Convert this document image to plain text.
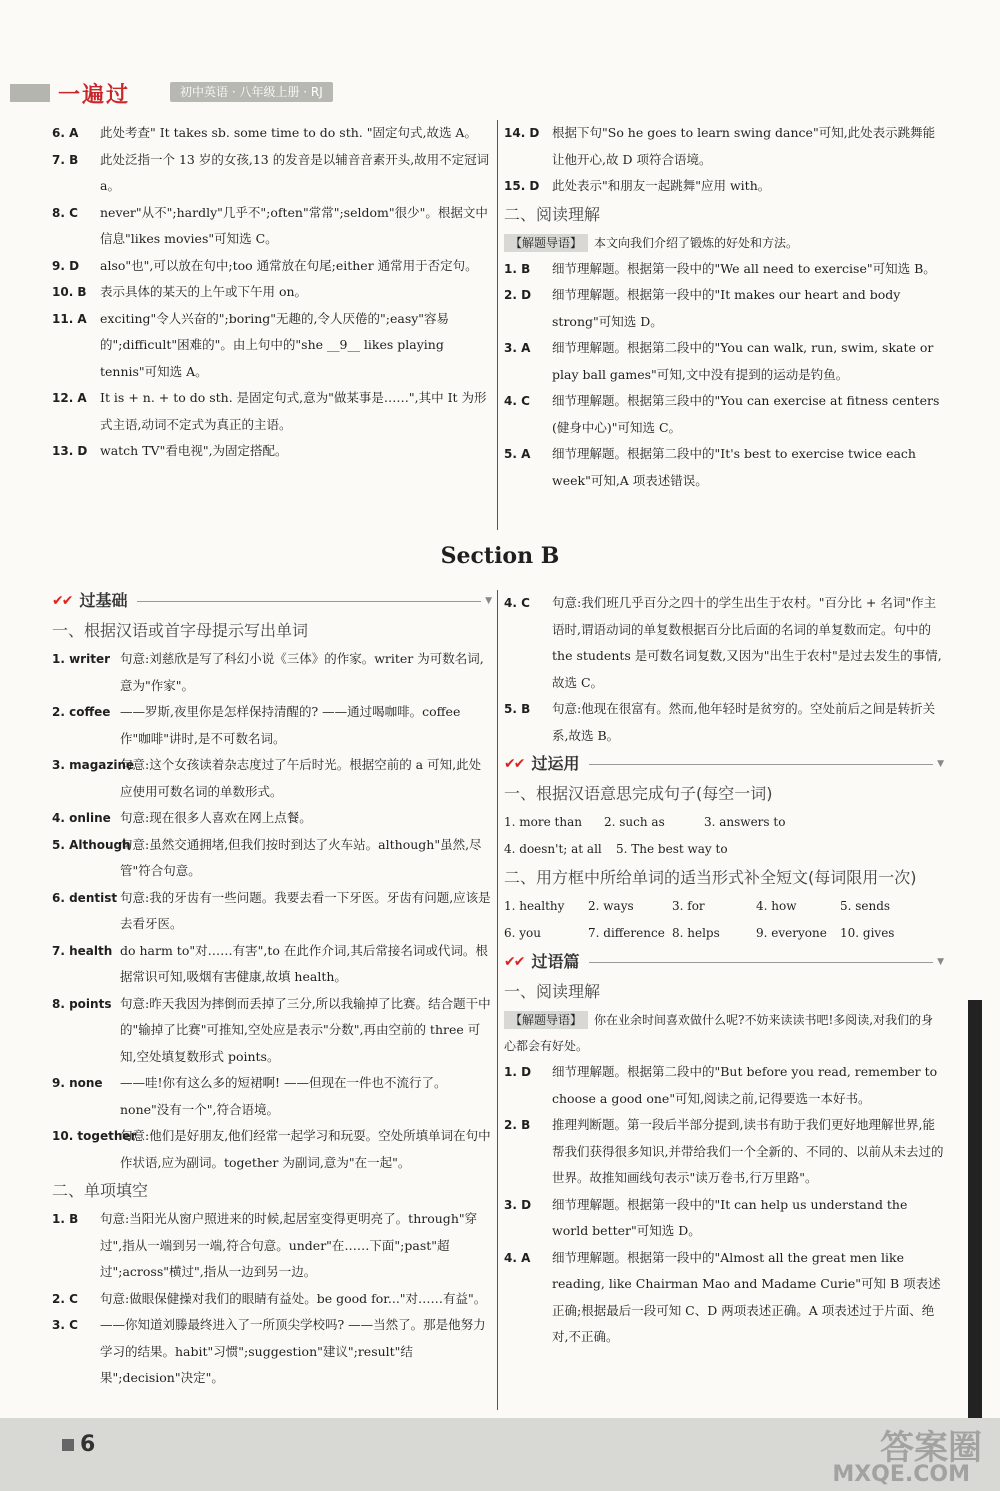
一遍过	初中英语 · 八年级上册 · RJ
6. A 此处考查" It takes sb. some time to do sth. "固定句式,故选 A。
7. B 此处泛指一个 13 岁的女孩,13 的发音是以辅音音素开头,故用不定冠词 a。
8. C never"从不";hardly"几乎不";often"常常";seldom"很少"。根据文中信息"likes movies"可知选 C。
9. D also"也",可以放在句中;too 通常放在句尾;either 通常用于否定句。
10. B 表示具体的某天的上午或下午用 on。
11. A exciting"令人兴奋的";boring"无趣的,令人厌倦的";easy"容易的";difficult"困难的"。由上句中的"she __9__ likes playing tennis"可知选 A。
12. A It is + n. + to do sth. 是固定句式,意为"做某事是……",其中 It 为形式主语,动词不定式为真正的主语。
13. D watch TV"看电视",为固定搭配。
14. D 根据下句"So he goes to learn swing dance"可知,此处表示跳舞能让他开心,故 D 项符合语境。
15. D 此处表示"和朋友一起跳舞"应用 with。
二、阅读理解
【解题导语】 本文向我们介绍了锻炼的好处和方法。
1. B 细节理解题。根据第一段中的"We all need to exercise"可知选 B。
2. D 细节理解题。根据第一段中的"It makes our heart and body strong"可知选 D。
3. A 细节理解题。根据第二段中的"You can walk, run, swim, skate or play ball games"可知,文中没有提到的运动是钓鱼。
4. C 细节理解题。根据第三段中的"You can exercise at fitness centers (健身中心)"可知选 C。
5. A 细节理解题。根据第二段中的"It's best to exercise twice each week"可知,A 项表述错误。
Section B
✔✔ 过基础	▼
一、根据汉语或首字母提示写出单词
1. writer 句意:刘慈欣是写了科幻小说《三体》的作家。writer 为可数名词,意为"作家"。
2. coffee ——罗斯,夜里你是怎样保持清醒的? ——通过喝咖啡。coffee 作"咖啡"讲时,是不可数名词。
3. magazine
句意:这个女孩读着杂志度过了午后时光。根据空前的 a 可知,此处应使用可数名词的单数形式。
4. online 句意:现在很多人喜欢在网上点餐。
5. Although
句意:虽然交通拥堵,但我们按时到达了火车站。although"虽然,尽管"符合句意。
6. dentist 句意:我的牙齿有一些问题。我要去看一下牙医。牙齿有问题,应该是去看牙医。
7. health do harm to"对……有害",to 在此作介词,其后常接名词或代词。根据常识可知,吸烟有害健康,故填 health。
8. points 句意:昨天我因为摔倒而丢掉了三分,所以我输掉了比赛。结合题干中的"输掉了比赛"可推知,空处应是表示"分数",再由空前的 three 可知,空处填复数形式 points。
9. none ——哇!你有这么多的短裙啊! ——但现在一件也不流行了。none"没有一个",符合语境。
10. together
句意:他们是好朋友,他们经常一起学习和玩耍。空处所填单词在句中作状语,应为副词。together 为副词,意为"在一起"。
二、单项填空
1. B 句意:当阳光从窗户照进来的时候,起居室变得更明亮了。through"穿过",指从一端到另一端,符合句意。under"在……下面";past"超过";across"横过",指从一边到另一边。
2. C 句意:做眼保健操对我们的眼睛有益处。be good for..."对……有益"。
3. C ——你知道刘滕最终进入了一所顶尖学校吗? ——当然了。那是他努力学习的结果。habit"习惯";suggestion"建议";result"结果";decision"决定"。
4. C 句意:我们班几乎百分之四十的学生出生于农村。"百分比 + 名词"作主语时,谓语动词的单复数根据百分比后面的名词的单复数而定。句中的 the students 是可数名词复数,又因为"出生于农村"是过去发生的事情,故选 C。
5. B 句意:他现在很富有。然而,他年轻时是贫穷的。空处前后之间是转折关系,故选 B。
✔✔ 过运用	▼
一、根据汉语意思完成句子(每空一词)
1. more than	2. such as	3. answers to
4. doesn't; at all	5. The best way to
二、用方框中所给单词的适当形式补全短文(每词限用一次)
1. healthy	2. ways	3. for	4. how	5. sends
6. you	7. difference 8. helps	9. everyone	10. gives
✔✔ 过语篇	▼
一、阅读理解
【解题导语】 你在业余时间喜欢做什么呢?不妨来读读书吧!多阅读,对我们的身心都会有好处。
1. D 细节理解题。根据第二段中的"But before you read, remember to choose a good one"可知,阅读之前,记得要选一本好书。
2. B 推理判断题。第一段后半部分提到,读书有助于我们更好地理解世界,能帮我们获得很多知识,并带给我们一个全新的、不同的、以前从未去过的世界。故推知画线句表示"读万卷书,行万里路"。
3. D 细节理解题。根据第一段中的"It can help us understand the world better"可知选 D。
4. A 细节理解题。根据第一段中的"Almost all the great men like reading, like Chairman Mao and Madame Curie"可知 B 项表述正确;根据最后一段可知 C、D 两项表述正确。A 项表述过于片面、绝对,不正确。
6	答案圈
MXQE.COM
